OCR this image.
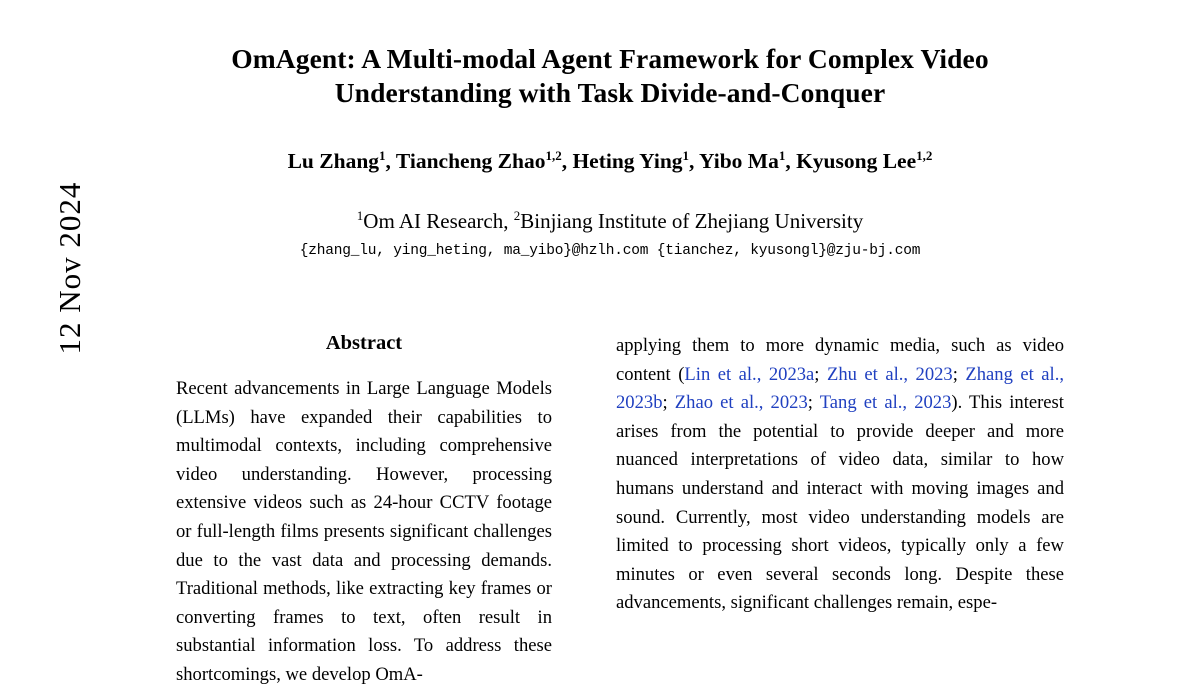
12 Nov 2024
OmAgent: A Multi-modal Agent Framework for Complex Video
Understanding with Task Divide-and-Conquer
Lu Zhang$^1$, Tiancheng Zhao$^{1,2}$, Heting Ying$^1$, Yibo Ma$^1$, Kyusong Lee$^{1,2}$
$^1$Om AI Research, $^2$Binjiang Institute of Zhejiang University
{zhang_lu, ying_heting, ma_yibo}@hzlh.com {tianchez, kyusongl}@zju-bj.com
Abstract
Recent advancements in Large Language Models (LLMs) have expanded their capabilities to multimodal contexts, including comprehensive video understanding. However, processing extensive videos such as 24-hour CCTV footage or full-length films presents significant challenges due to the vast data and processing demands. Traditional methods, like extracting key frames or converting frames to text, often result in substantial information loss. To address these shortcomings, we develop OmA-
applying them to more dynamic media, such as video content (Lin et al., 2023a; Zhu et al., 2023; Zhang et al., 2023b; Zhao et al., 2023; Tang et al., 2023). This interest arises from the potential to provide deeper and more nuanced interpretations of video data, similar to how humans understand and interact with moving images and sound. Currently, most video understanding models are limited to processing short videos, typically only a few minutes or even several seconds long. Despite these advancements, significant challenges remain, espe-
